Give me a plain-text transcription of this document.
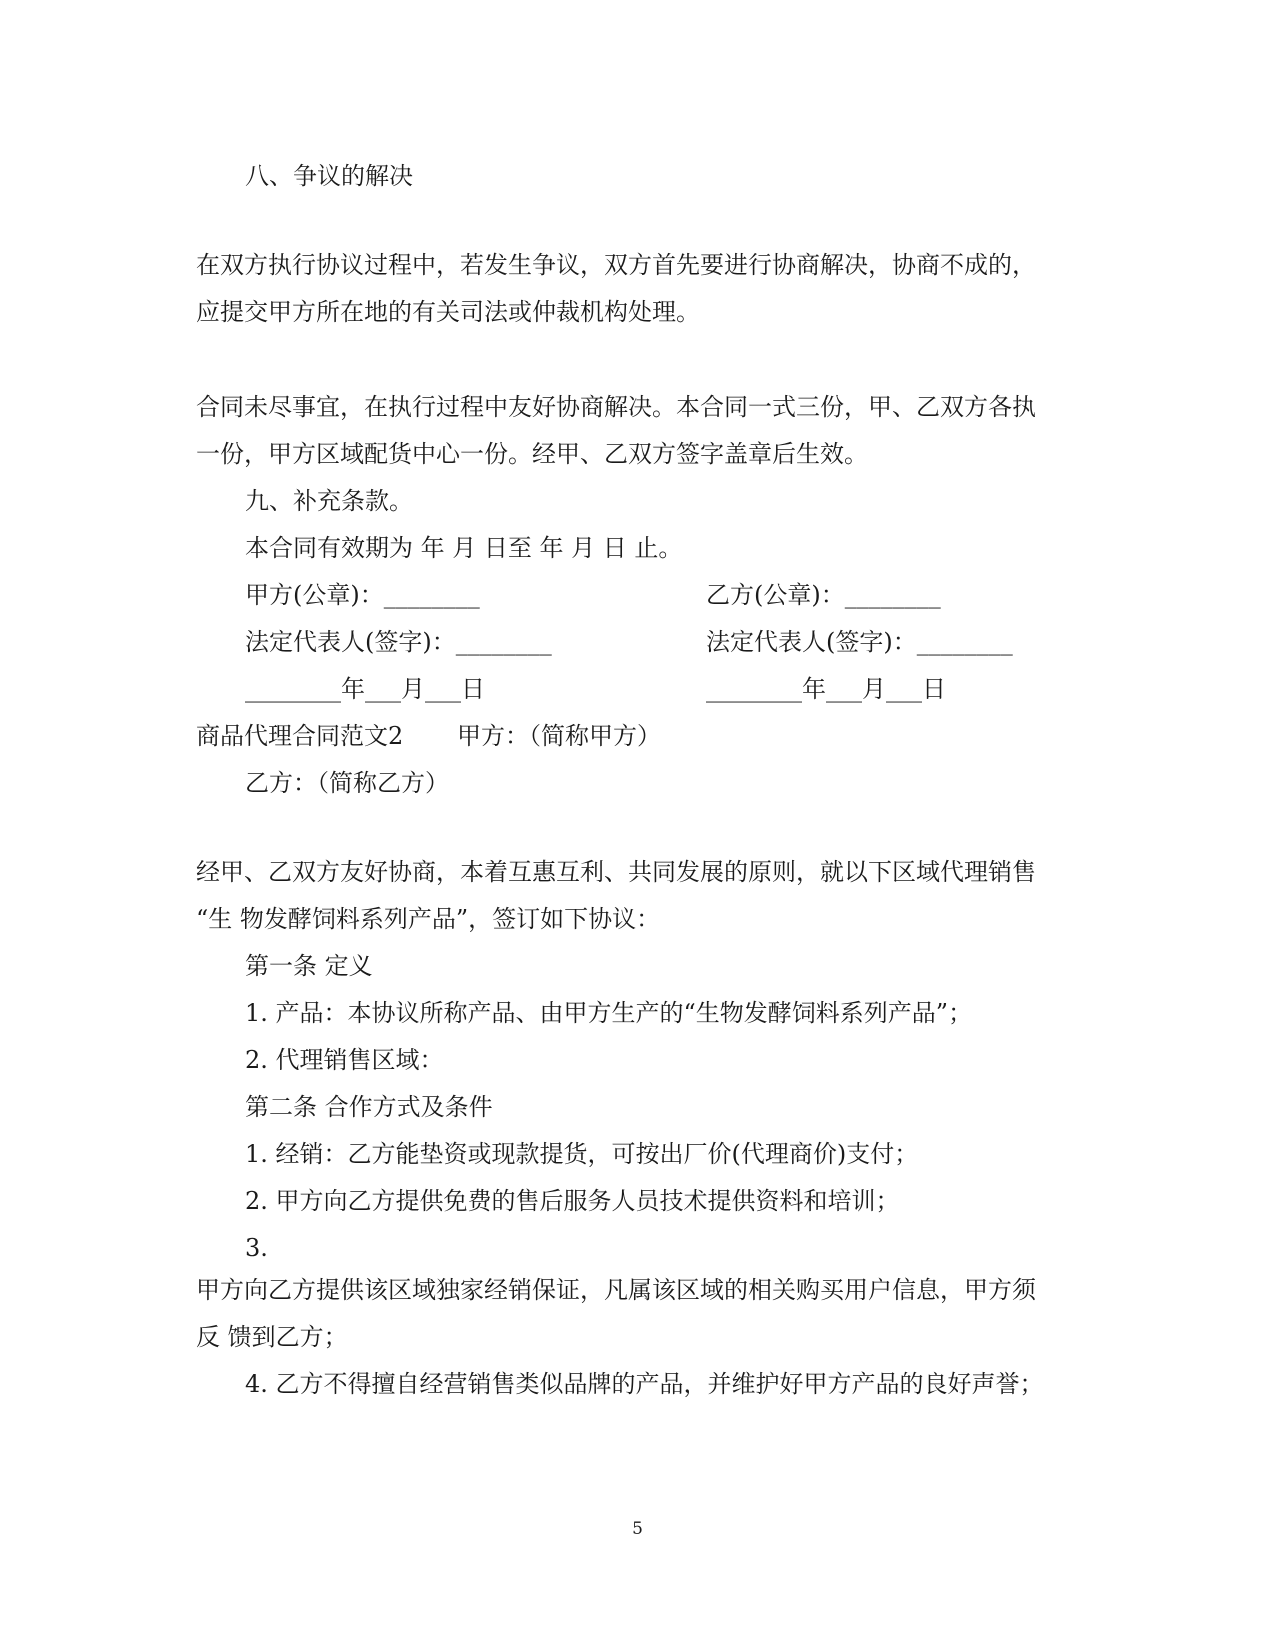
八、争议的解决
在双方执行协议过程中，若发生争议，双方首先要进行协商解决，协商不成的，
应提交甲方所在地的有关司法或仲裁机构处理。
合同未尽事宜，在执行过程中友好协商解决。本合同一式三份，甲、乙双方各执
一份，甲方区域配货中心一份。经甲、乙双方签字盖章后生效。
九、补充条款。
本合同有效期为 年 月 日至 年 月 日 止。
甲方(公章)：________	乙方(公章)：________
法定代表人(签字)：________	法定代表人(签字)：________
________年___月___日	________年___月___日
商品代理合同范文2 甲方：（简称甲方）
乙方：（简称乙方）
经甲、乙双方友好协商，本着互惠互利、共同发展的原则，就以下区域代理销售
“生 物发酵饲料系列产品”，签订如下协议：
第一条 定义
1. 产品：本协议所称产品、由甲方生产的“生物发酵饲料系列产品”；
2. 代理销售区域：
第二条 合作方式及条件
1. 经销：乙方能垫资或现款提货，可按出厂价(代理商价)支付；
2. 甲方向乙方提供免费的售后服务人员技术提供资料和培训；
3.
甲方向乙方提供该区域独家经销保证，凡属该区域的相关购买用户信息，甲方须
反 馈到乙方；
4. 乙方不得擅自经营销售类似品牌的产品，并维护好甲方产品的良好声誉；
5
